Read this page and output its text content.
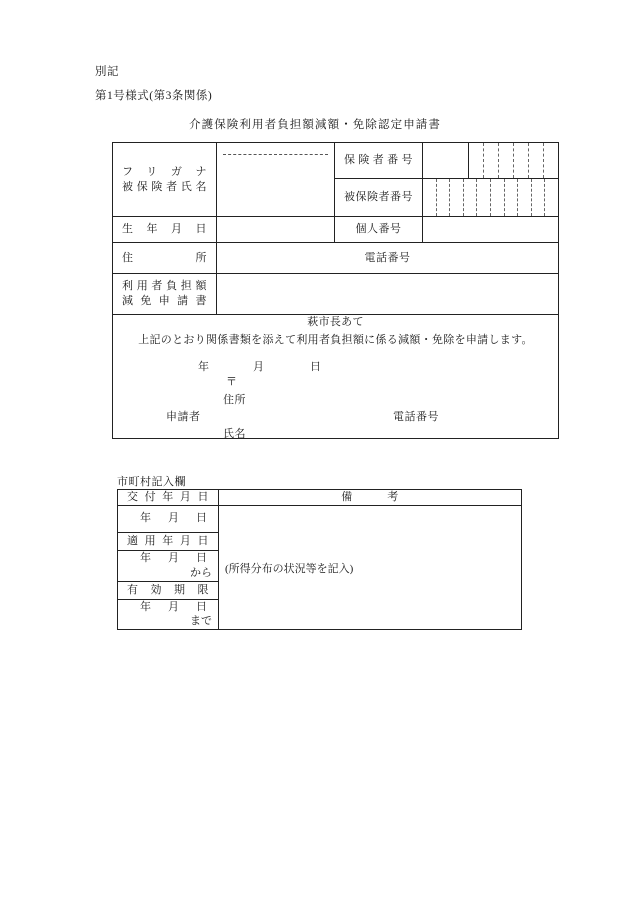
別記
第1号様式(第3条関係)
介護保険利用者負担額減額・免除認定申請書
フリガナ
被保険者氏名		保険者番号		

		被保険者番号		

生年月日		個人番号		

住所	電話番号			

利用者負担額
減免申請書				

萩市長あて
上記のとおり関係書類を添えて利用者負担額に係る減額・免除を申請します。
年	月	日
〒
住所
申請者
氏名
電話番号
市町村記入欄
交付年月日	備　　　考

年　月　日	(所得分布の状況等を記入)

適用年月日	

年　月　日
から	

有効期限	

年　月　日
まで	
